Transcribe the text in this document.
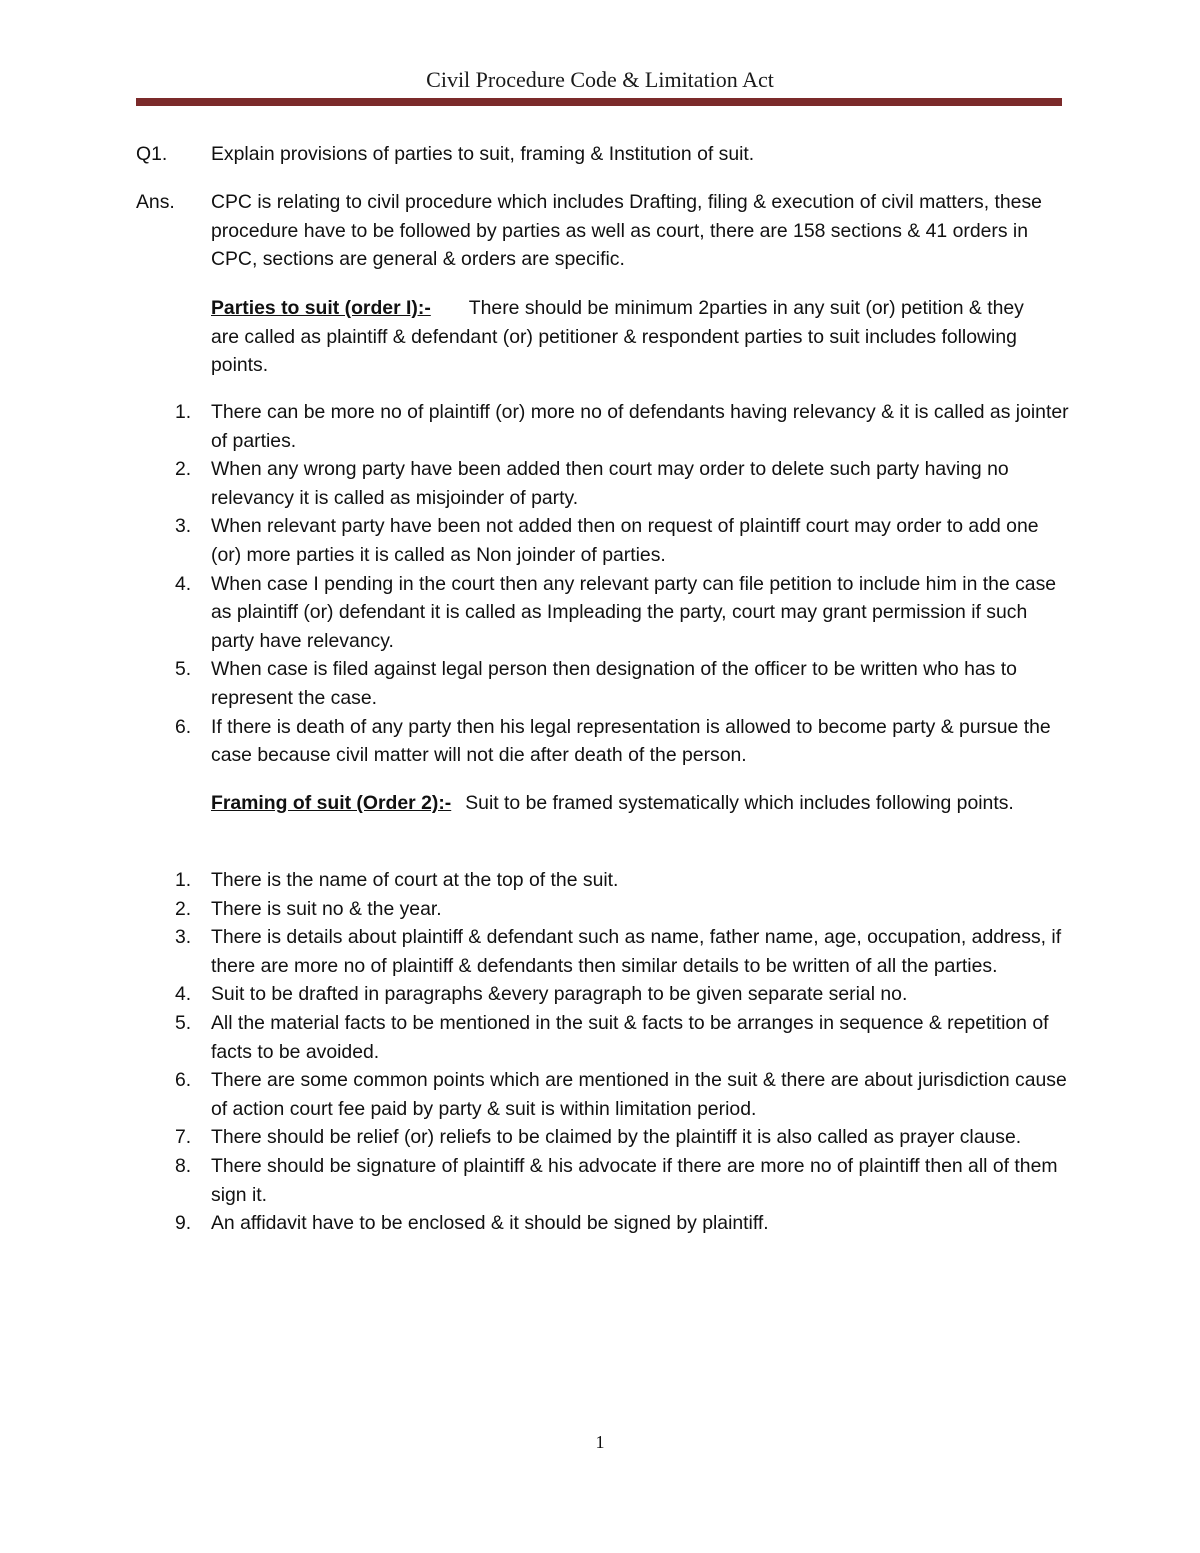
Civil Procedure Code & Limitation Act
Q1. Explain provisions of parties to suit, framing & Institution of suit.
Ans. CPC is relating to civil procedure which includes Drafting, filing & execution of civil matters, these procedure have to be followed by parties as well as court, there are 158 sections & 41 orders in CPC, sections are general & orders are specific.
Parties to suit (order I):- There should be minimum 2parties in any suit (or) petition & they are called as plaintiff & defendant (or) petitioner & respondent parties to suit includes following points.
1. There can be more no of plaintiff (or) more no of defendants having relevancy & it is called as jointer of parties.
2. When any wrong party have been added then court may order to delete such party having no relevancy it is called as misjoinder of party.
3. When relevant party have been not added then on request of plaintiff court may order to add one (or) more parties it is called as Non joinder of parties.
4. When case I pending in the court then any relevant party can file petition to include him in the case as plaintiff (or) defendant it is called as Impleading the party, court may grant permission if such party have relevancy.
5. When case is filed against legal person then designation of the officer to be written who has to represent the case.
6. If there is death of any party then his legal representation is allowed to become party & pursue the case because civil matter will not die after death of the person.
Framing of suit (Order 2):- Suit to be framed systematically which includes following points.
1. There is the name of court at the top of the suit.
2. There is suit no & the year.
3. There is details about plaintiff & defendant such as name, father name, age, occupation, address, if there are more no of plaintiff & defendants then similar details to be written of all the parties.
4. Suit to be drafted in paragraphs &every paragraph to be given separate serial no.
5. All the material facts to be mentioned in the suit & facts to be arranges in sequence & repetition of facts to be avoided.
6. There are some common points which are mentioned in the suit & there are about jurisdiction cause of action court fee paid by party & suit is within limitation period.
7. There should be relief (or) reliefs to be claimed by the plaintiff it is also called as prayer clause.
8. There should be signature of plaintiff & his advocate if there are more no of plaintiff then all of them sign it.
9. An affidavit have to be enclosed & it should be signed by plaintiff.
1
